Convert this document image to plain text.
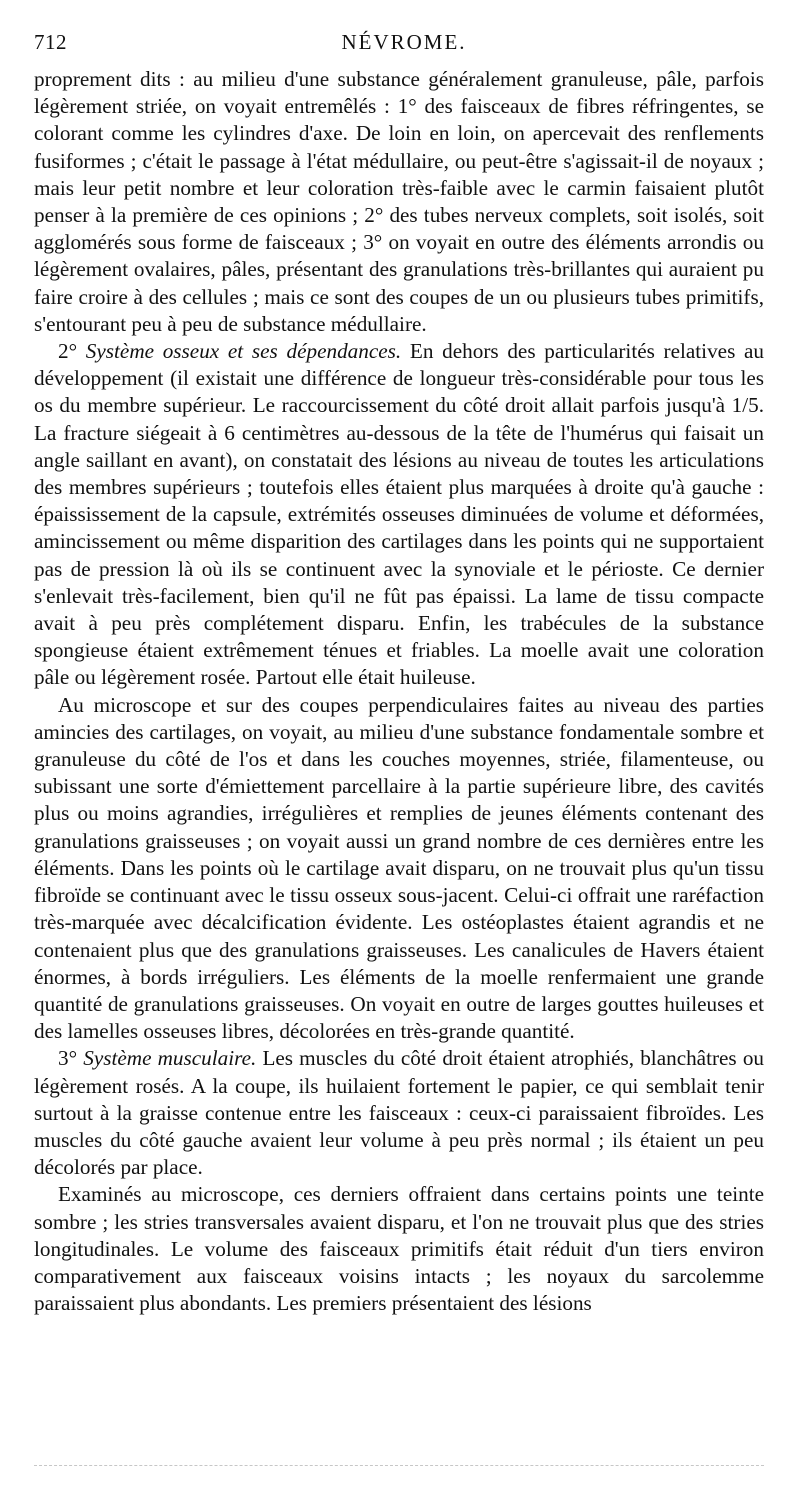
712	NÉVROME.

proprement dits : au milieu d'une substance généralement granuleuse, pâle, parfois légèrement striée, on voyait entremêlés : 1° des faisceaux de fibres réfringentes, se colorant comme les cylindres d'axe. De loin en loin, on apercevait des renflements fusiformes ; c'était le passage à l'état médullaire, ou peut-être s'agissait-il de noyaux ; mais leur petit nombre et leur coloration très-faible avec le carmin faisaient plutôt penser à la première de ces opinions ; 2° des tubes nerveux complets, soit isolés, soit agglomérés sous forme de faisceaux ; 3° on voyait en outre des éléments arrondis ou légèrement ovalaires, pâles, présentant des granulations très-brillantes qui auraient pu faire croire à des cellules ; mais ce sont des coupes de un ou plusieurs tubes primitifs, s'entourant peu à peu de substance médullaire.

2° Système osseux et ses dépendances. En dehors des particularités relatives au développement (il existait une différence de longueur très-considérable pour tous les os du membre supérieur. Le raccourcissement du côté droit allait parfois jusqu'à 1/5. La fracture siégeait à 6 centimètres au-dessous de la tête de l'humérus qui faisait un angle saillant en avant), on constatait des lésions au niveau de toutes les articulations des membres supérieurs ; toutefois elles étaient plus marquées à droite qu'à gauche : épaississement de la capsule, extrémités osseuses diminuées de volume et déformées, amincissement ou même disparition des cartilages dans les points qui ne supportaient pas de pression là où ils se continuent avec la synoviale et le périoste. Ce dernier s'enlevait très-facilement, bien qu'il ne fût pas épaissi. La lame de tissu compacte avait à peu près complétement disparu. Enfin, les trabécules de la substance spongieuse étaient extrêmement ténues et friables. La moelle avait une coloration pâle ou légèrement rosée. Partout elle était huileuse.

Au microscope et sur des coupes perpendiculaires faites au niveau des parties amincies des cartilages, on voyait, au milieu d'une substance fondamentale sombre et granuleuse du côté de l'os et dans les couches moyennes, striée, filamenteuse, ou subissant une sorte d'émiettement parcellaire à la partie supérieure libre, des cavités plus ou moins agrandies, irrégulières et remplies de jeunes éléments contenant des granulations graisseuses ; on voyait aussi un grand nombre de ces dernières entre les éléments. Dans les points où le cartilage avait disparu, on ne trouvait plus qu'un tissu fibroïde se continuant avec le tissu osseux sous-jacent. Celui-ci offrait une raréfaction très-marquée avec décalcification évidente. Les ostéoplastes étaient agrandis et ne contenaient plus que des granulations graisseuses. Les canalicules de Havers étaient énormes, à bords irréguliers. Les éléments de la moelle renfermaient une grande quantité de granulations graisseuses. On voyait en outre de larges gouttes huileuses et des lamelles osseuses libres, décolorées en très-grande quantité.

3° Système musculaire. Les muscles du côté droit étaient atrophiés, blanchâtres ou légèrement rosés. A la coupe, ils huilaient fortement le papier, ce qui semblait tenir surtout à la graisse contenue entre les faisceaux : ceux-ci paraissaient fibroïdes. Les muscles du côté gauche avaient leur volume à peu près normal ; ils étaient un peu décolorés par place.

Examinés au microscope, ces derniers offraient dans certains points une teinte sombre ; les stries transversales avaient disparu, et l'on ne trouvait plus que des stries longitudinales. Le volume des faisceaux primitifs était réduit d'un tiers environ comparativement aux faisceaux voisins intacts ; les noyaux du sarcolemme paraissaient plus abondants. Les premiers présentaient des lésions
